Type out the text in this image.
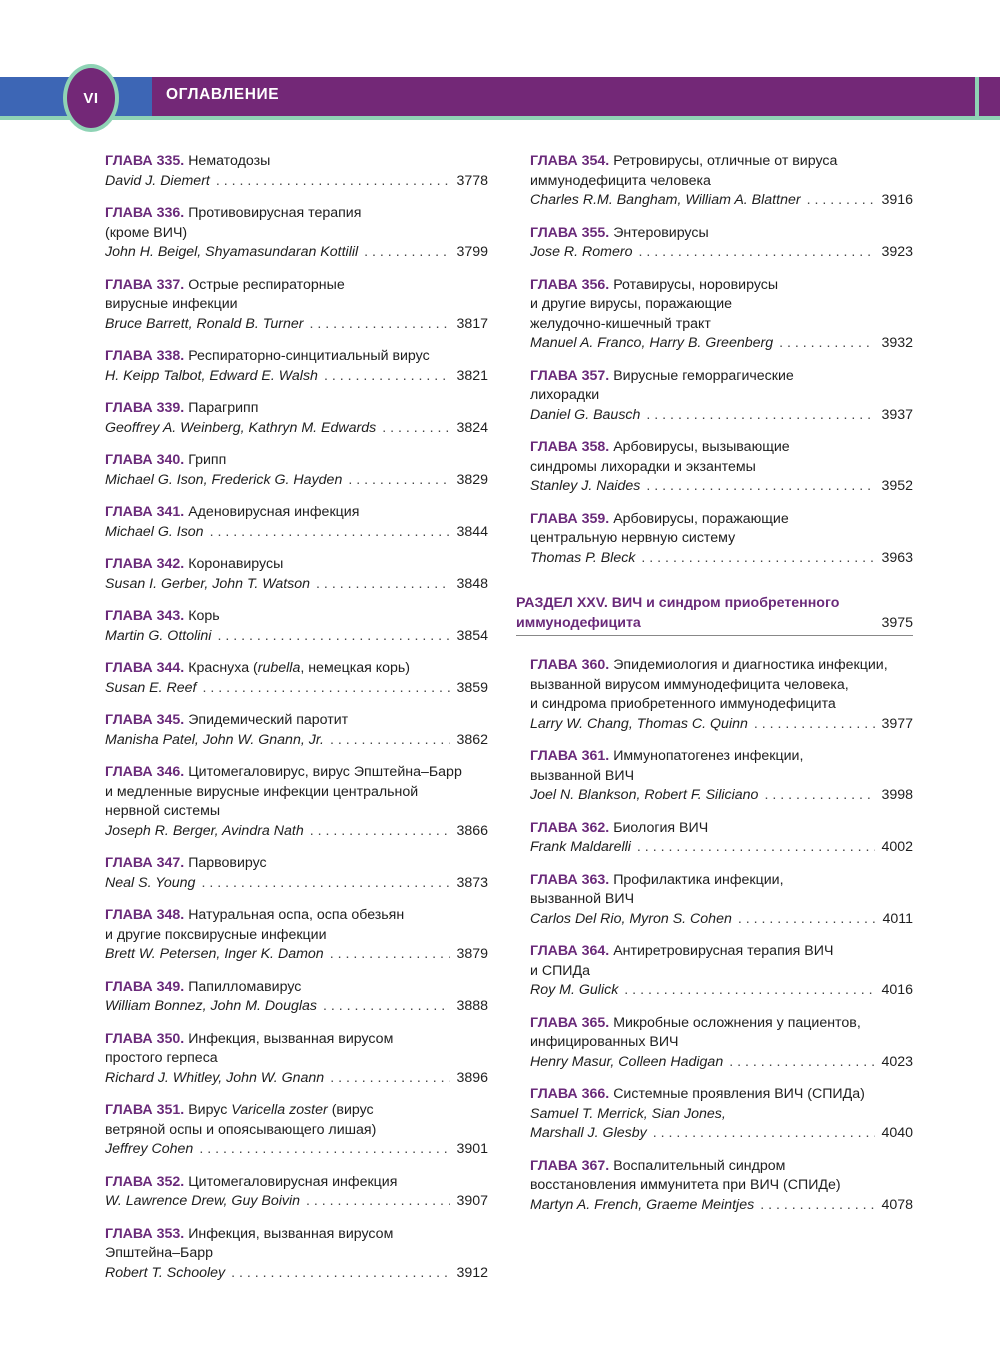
VI	ОГЛАВЛЕНИЕ
ГЛАВА 335. Нематодозы
David J. Diemert . . .	3778
ГЛАВА 336. Противовирусная терапия
(кроме ВИЧ)
John H. Beigel, Shyamasundaran Kottilil . . .	3799
ГЛАВА 337. Острые респираторные
вирусные инфекции
Bruce Barrett, Ronald B. Turner . . .	3817
ГЛАВА 338. Респираторно-синцитиальный вирус
H. Keipp Talbot, Edward E. Walsh . . .	3821
ГЛАВА 339. Парагрипп
Geoffrey A. Weinberg, Kathryn M. Edwards . . .	3824
ГЛАВА 340. Грипп
Michael G. Ison, Frederick G. Hayden . . .	3829
ГЛАВА 341. Аденовирусная инфекция
Michael G. Ison . . .	3844
ГЛАВА 342. Коронавирусы
Susan I. Gerber, John T. Watson . . .	3848
ГЛАВА 343. Корь
Martin G. Ottolini . . .	3854
ГЛАВА 344. Краснуха (rubella, немецкая корь)
Susan E. Reef . . .	3859
ГЛАВА 345. Эпидемический паротит
Manisha Patel, John W. Gnann, Jr. . . .	3862
ГЛАВА 346. Цитомегаловирус, вирус Эпштейна–Барр
и медленные вирусные инфекции центральной
нервной системы
Joseph R. Berger, Avindra Nath . . .	3866
ГЛАВА 347. Парвовирус
Neal S. Young . . .	3873
ГЛАВА 348. Натуральная оспа, оспа обезьян
и другие поксвирусные инфекции
Brett W. Petersen, Inger K. Damon . . .	3879
ГЛАВА 349. Папилломавирус
William Bonnez, John M. Douglas . . .	3888
ГЛАВА 350. Инфекция, вызванная вирусом
простого герпеса
Richard J. Whitley, John W. Gnann . . .	3896
ГЛАВА 351. Вирус Varicella zoster (вирус
ветряной оспы и опоясывающего лишая)
Jeffrey Cohen . . .	3901
ГЛАВА 352. Цитомегаловирусная инфекция
W. Lawrence Drew, Guy Boivin . . .	3907
ГЛАВА 353. Инфекция, вызванная вирусом
Эпштейна–Барр
Robert T. Schooley . . .	3912
ГЛАВА 354. Ретровирусы, отличные от вируса
иммунодефицита человека
Charles R.M. Bangham, William A. Blattner . . .	3916
ГЛАВА 355. Энтеровирусы
Jose R. Romero . . .	3923
ГЛАВА 356. Ротавирусы, норовирусы
и другие вирусы, поражающие
желудочно-кишечный тракт
Manuel A. Franco, Harry B. Greenberg . . .	3932
ГЛАВА 357. Вирусные геморрагические
лихорадки
Daniel G. Bausch . . .	3937
ГЛАВА 358. Арбовирусы, вызывающие
синдромы лихорадки и экзантемы
Stanley J. Naides . . .	3952
ГЛАВА 359. Арбовирусы, поражающие
центральную нервную систему
Thomas P. Bleck . . .	3963
РАЗДЕЛ XXV. ВИЧ и синдром приобретенного
иммунодефицита	3975
ГЛАВА 360. Эпидемиология и диагностика инфекции,
вызванной вирусом иммунодефицита человека,
и синдрома приобретенного иммунодефицита
Larry W. Chang, Thomas C. Quinn . . .	3977
ГЛАВА 361. Иммунопатогенез инфекции,
вызванной ВИЧ
Joel N. Blankson, Robert F. Siliciano . . .	3998
ГЛАВА 362. Биология ВИЧ
Frank Maldarelli . . .	4002
ГЛАВА 363. Профилактика инфекции,
вызванной ВИЧ
Carlos Del Rio, Myron S. Cohen . . .	4011
ГЛАВА 364. Антиретровирусная терапия ВИЧ
и СПИДа
Roy M. Gulick . . .	4016
ГЛАВА 365. Микробные осложнения у пациентов,
инфицированных ВИЧ
Henry Masur, Colleen Hadigan . . .	4023
ГЛАВА 366. Системные проявления ВИЧ (СПИДа)
Samuel T. Merrick, Sian Jones,
Marshall J. Glesby . . .	4040
ГЛАВА 367. Воспалительный синдром
восстановления иммунитета при ВИЧ (СПИДе)
Martyn A. French, Graeme Meintjes . . .	4078
